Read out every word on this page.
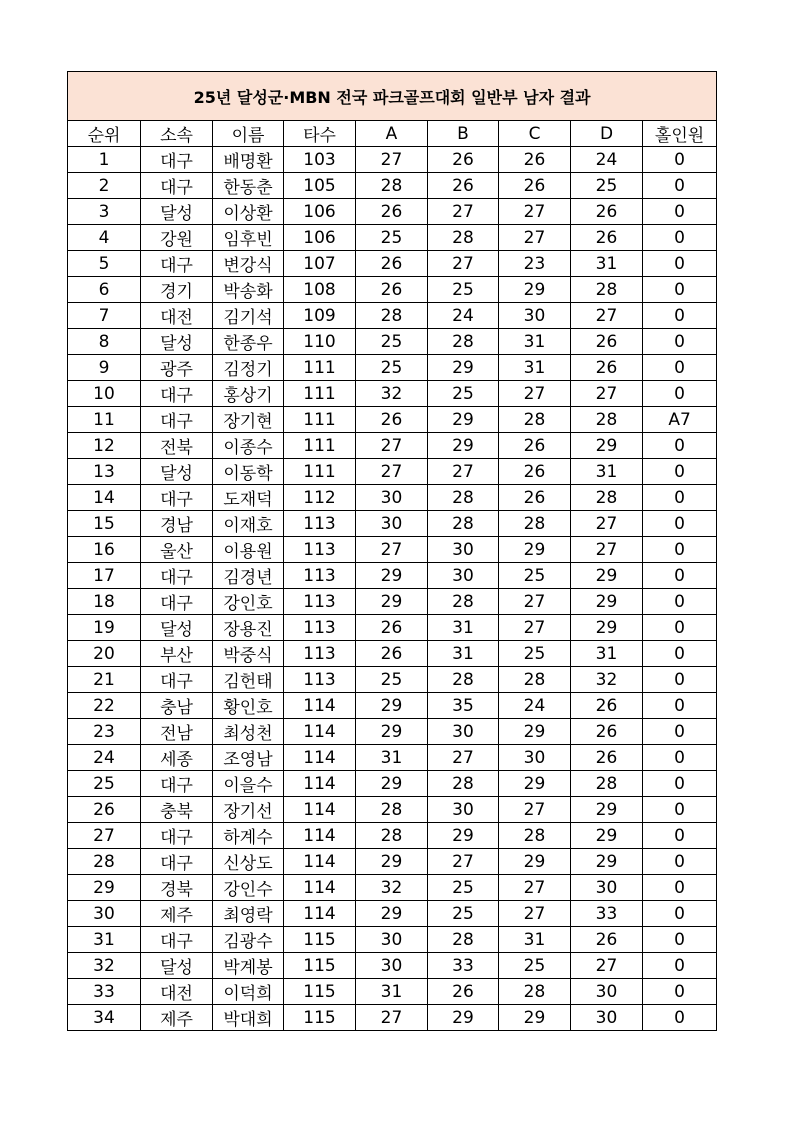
25년 달성군·MBN 전국 파크골프대회 일반부 남자 결과								
순위	소속	이름	타수	A	B	C	D	홀인원
1	대구	배명환	103	27	26	26	24	0
2	대구	한동춘	105	28	26	26	25	0
3	달성	이상환	106	26	27	27	26	0
4	강원	임후빈	106	25	28	27	26	0
5	대구	변강식	107	26	27	23	31	0
6	경기	박송화	108	26	25	29	28	0
7	대전	김기석	109	28	24	30	27	0
8	달성	한종우	110	25	28	31	26	0
9	광주	김정기	111	25	29	31	26	0
10	대구	홍상기	111	32	25	27	27	0
11	대구	장기현	111	26	29	28	28	A7
12	전북	이종수	111	27	29	26	29	0
13	달성	이동학	111	27	27	26	31	0
14	대구	도재덕	112	30	28	26	28	0
15	경남	이재호	113	30	28	28	27	0
16	울산	이용원	113	27	30	29	27	0
17	대구	김경년	113	29	30	25	29	0
18	대구	강인호	113	29	28	27	29	0
19	달성	장용진	113	26	31	27	29	0
20	부산	박중식	113	26	31	25	31	0
21	대구	김헌태	113	25	28	28	32	0
22	충남	황인호	114	29	35	24	26	0
23	전남	최성천	114	29	30	29	26	0
24	세종	조영남	114	31	27	30	26	0
25	대구	이을수	114	29	28	29	28	0
26	충북	장기선	114	28	30	27	29	0
27	대구	하계수	114	28	29	28	29	0
28	대구	신상도	114	29	27	29	29	0
29	경북	강인수	114	32	25	27	30	0
30	제주	최영락	114	29	25	27	33	0
31	대구	김광수	115	30	28	31	26	0
32	달성	박계봉	115	30	33	25	27	0
33	대전	이덕희	115	31	26	28	30	0
34	제주	박대희	115	27	29	29	30	0
